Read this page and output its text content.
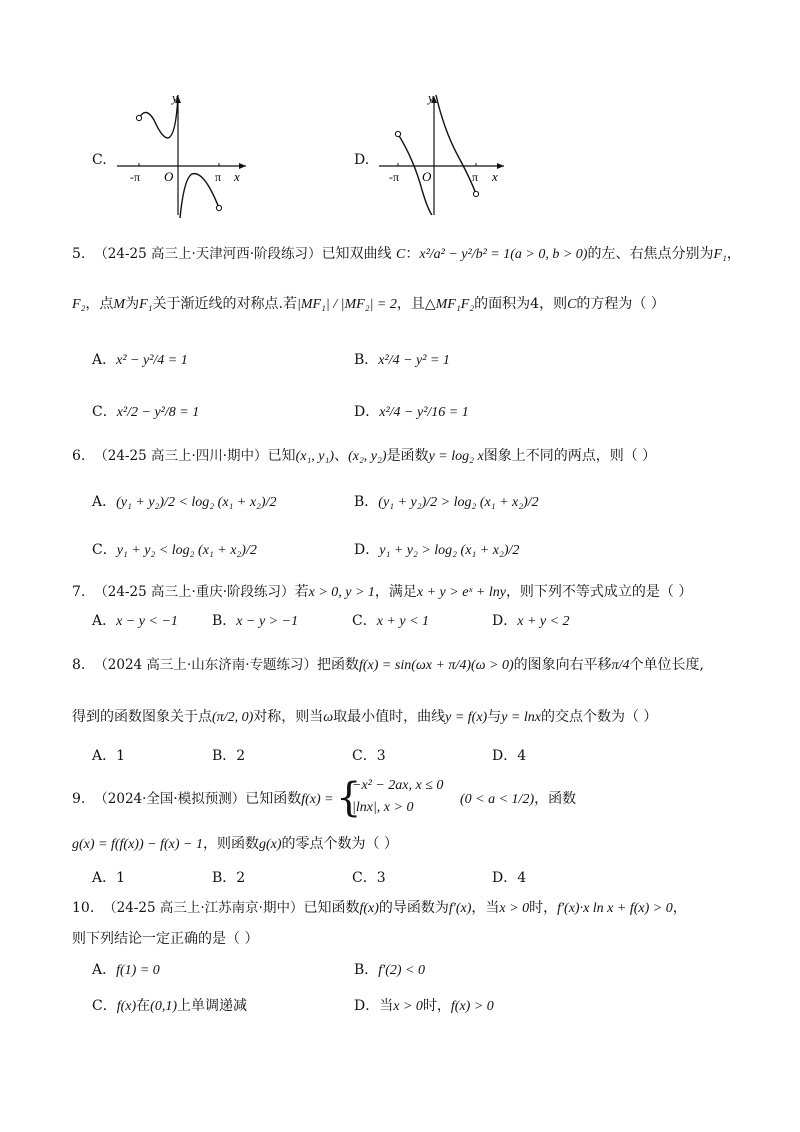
C.
y
x
O
-π	π
D.
y
x
O
-π	π
5. （24-25 高三上·天津河西·阶段练习）已知双曲线 C：x²/a² − y²/b² = 1(a > 0, b > 0)的左、右焦点分别为F₁，
F₂，点M为F₁关于渐近线的对称点.若|MF₁| / |MF₂| = 2，且△MF₁F₂的面积为4，则C的方程为（ ）
A．x² − y²/4 = 1	B．x²/4 − y² = 1
C．x²/2 − y²/8 = 1	D．x²/4 − y²/16 = 1
6. （24-25 高三上·四川·期中）已知(x₁, y₁)、(x₂, y₂)是函数y = log₂ x图象上不同的两点，则（ ）
A．(y₁ + y₂)/2 < log₂ (x₁ + x₂)/2	B．(y₁ + y₂)/2 > log₂ (x₁ + x₂)/2
C．y₁ + y₂ < log₂ (x₁ + x₂)/2	D．y₁ + y₂ > log₂ (x₁ + x₂)/2
7. （24-25 高三上·重庆·阶段练习）若x > 0, y > 1，满足x + y > eˣ + lny，则下列不等式成立的是（ ）
A．x − y < −1 B．x − y > −1	C．x + y < 1	D．x + y < 2
8. （2024 高三上·山东济南·专题练习）把函数f(x) = sin(ωx + π/4)(ω > 0)的图象向右平移π/4个单位长度,
得到的函数图象关于点(π/2, 0)对称，则当ω取最小值时，曲线y = f(x)与y = lnx的交点个数为（ ）
A．1	B．2	C．3	D．4
9. （2024·全国·模拟预测）已知函数f(x) = {
−x² − 2ax, x ≤ 0
|lnx|, x > 0
(0 < a < 1/2)，函数
g(x) = f(f(x)) − f(x) − 1，则函数g(x)的零点个数为（ ）
A．1	B．2	C．3	D．4
10. （24-25 高三上·江苏南京·期中）已知函数f(x)的导函数为f′(x)，当x > 0时，f′(x)·x ln x + f(x) > 0，
则下列结论一定正确的是（ ）
A．f(1) = 0	B．f′(2) < 0
C．f(x)在(0,1)上单调递减	D．当x > 0时，f(x) > 0
